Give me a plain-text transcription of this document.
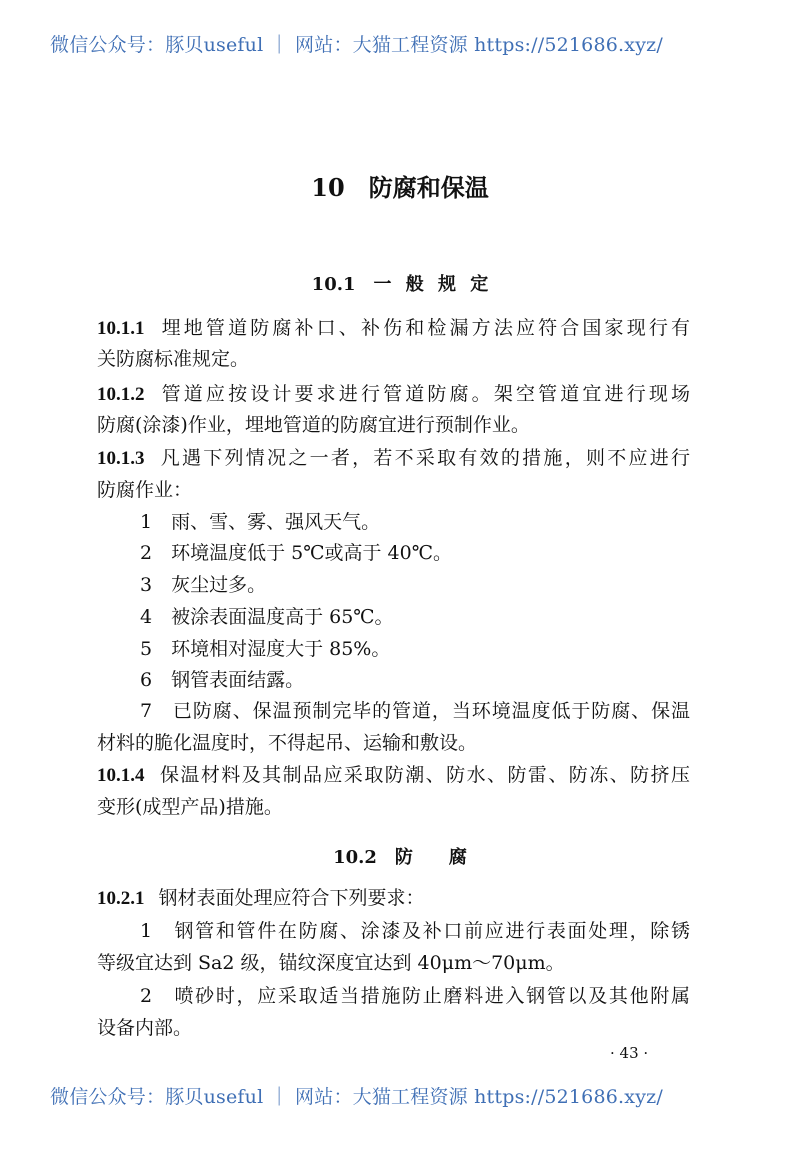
微信公众号：豚贝useful ｜ 网站：大猫工程资源 https://521686.xyz/
10　防腐和保温
10.1　一 般 规 定
10.1.1 埋地管道防腐补口、补伤和检漏方法应符合国家现行有
关防腐标准规定。
10.1.2 管道应按设计要求进行管道防腐。架空管道宜进行现场
防腐(涂漆)作业，埋地管道的防腐宜进行预制作业。
10.1.3 凡遇下列情况之一者，若不采取有效的措施，则不应进行
防腐作业：
1　雨、雪、雾、强风天气。
2　环境温度低于 5℃或高于 40℃。
3　灰尘过多。
4　被涂表面温度高于 65℃。
5　环境相对湿度大于 85%。
6　钢管表面结露。
7　已防腐、保温预制完毕的管道，当环境温度低于防腐、保温
材料的脆化温度时，不得起吊、运输和敷设。
10.1.4 保温材料及其制品应采取防潮、防水、防雷、防冻、防挤压
变形(成型产品)措施。
10.2　防　　腐
10.2.1 钢材表面处理应符合下列要求：
1　钢管和管件在防腐、涂漆及补口前应进行表面处理，除锈
等级宜达到 Sa2 级，锚纹深度宜达到 40μm～70μm。
2　喷砂时，应采取适当措施防止磨料进入钢管以及其他附属
设备内部。
· 43 ·
微信公众号：豚贝useful ｜ 网站：大猫工程资源 https://521686.xyz/
